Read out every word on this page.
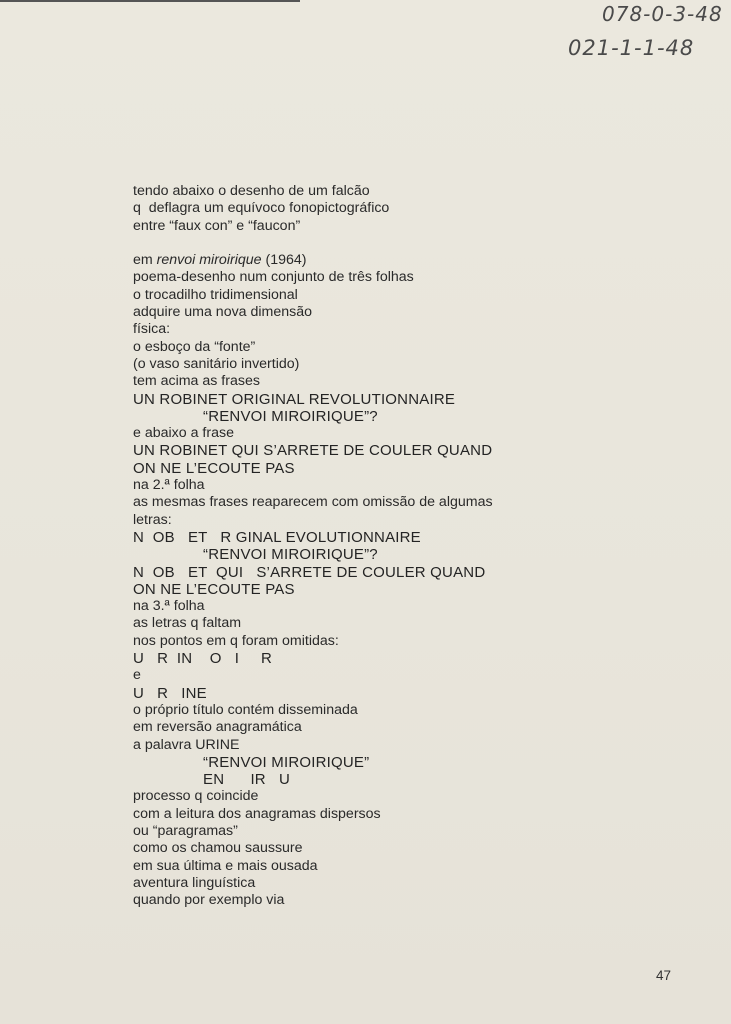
078-0-3-48
021-1-1-48
tendo abaixo o desenho de um falcão
q  deflagra um equívoco fonopictográfico
entre “faux con” e “faucon”
em renvoi miroirique (1964)
poema-desenho num conjunto de três folhas
o trocadilho tridimensional
adquire uma nova dimensão
física:
o esboço da “fonte”
(o vaso sanitário invertido)
tem acima as frases
UN ROBINET ORIGINAL REVOLUTIONNAIRE
“RENVOI MIROIRIQUE”?
e abaixo a frase
UN ROBINET QUI S’ARRETE DE COULER QUAND
ON NE L’ECOUTE PAS
na 2.ª folha
as mesmas frases reaparecem com omissão de algumas
letras:
N  OB   ET   R GINAL EVOLUTIONNAIRE
“RENVOI MIROIRIQUE”?
N  OB   ET  QUI   S’ARRETE DE COULER QUAND
ON NE L’ECOUTE PAS
na 3.ª folha
as letras q faltam
nos pontos em q foram omitidas:
U   R  IN    O   I     R
e
U   R   INE
o próprio título contém disseminada
em reversão anagramática
a palavra URINE
“RENVOI MIROIRIQUE”
EN      IR   U
processo q coincide
com a leitura dos anagramas dispersos
ou “paragramas”
como os chamou saussure
em sua última e mais ousada
aventura linguística
quando por exemplo via
47
